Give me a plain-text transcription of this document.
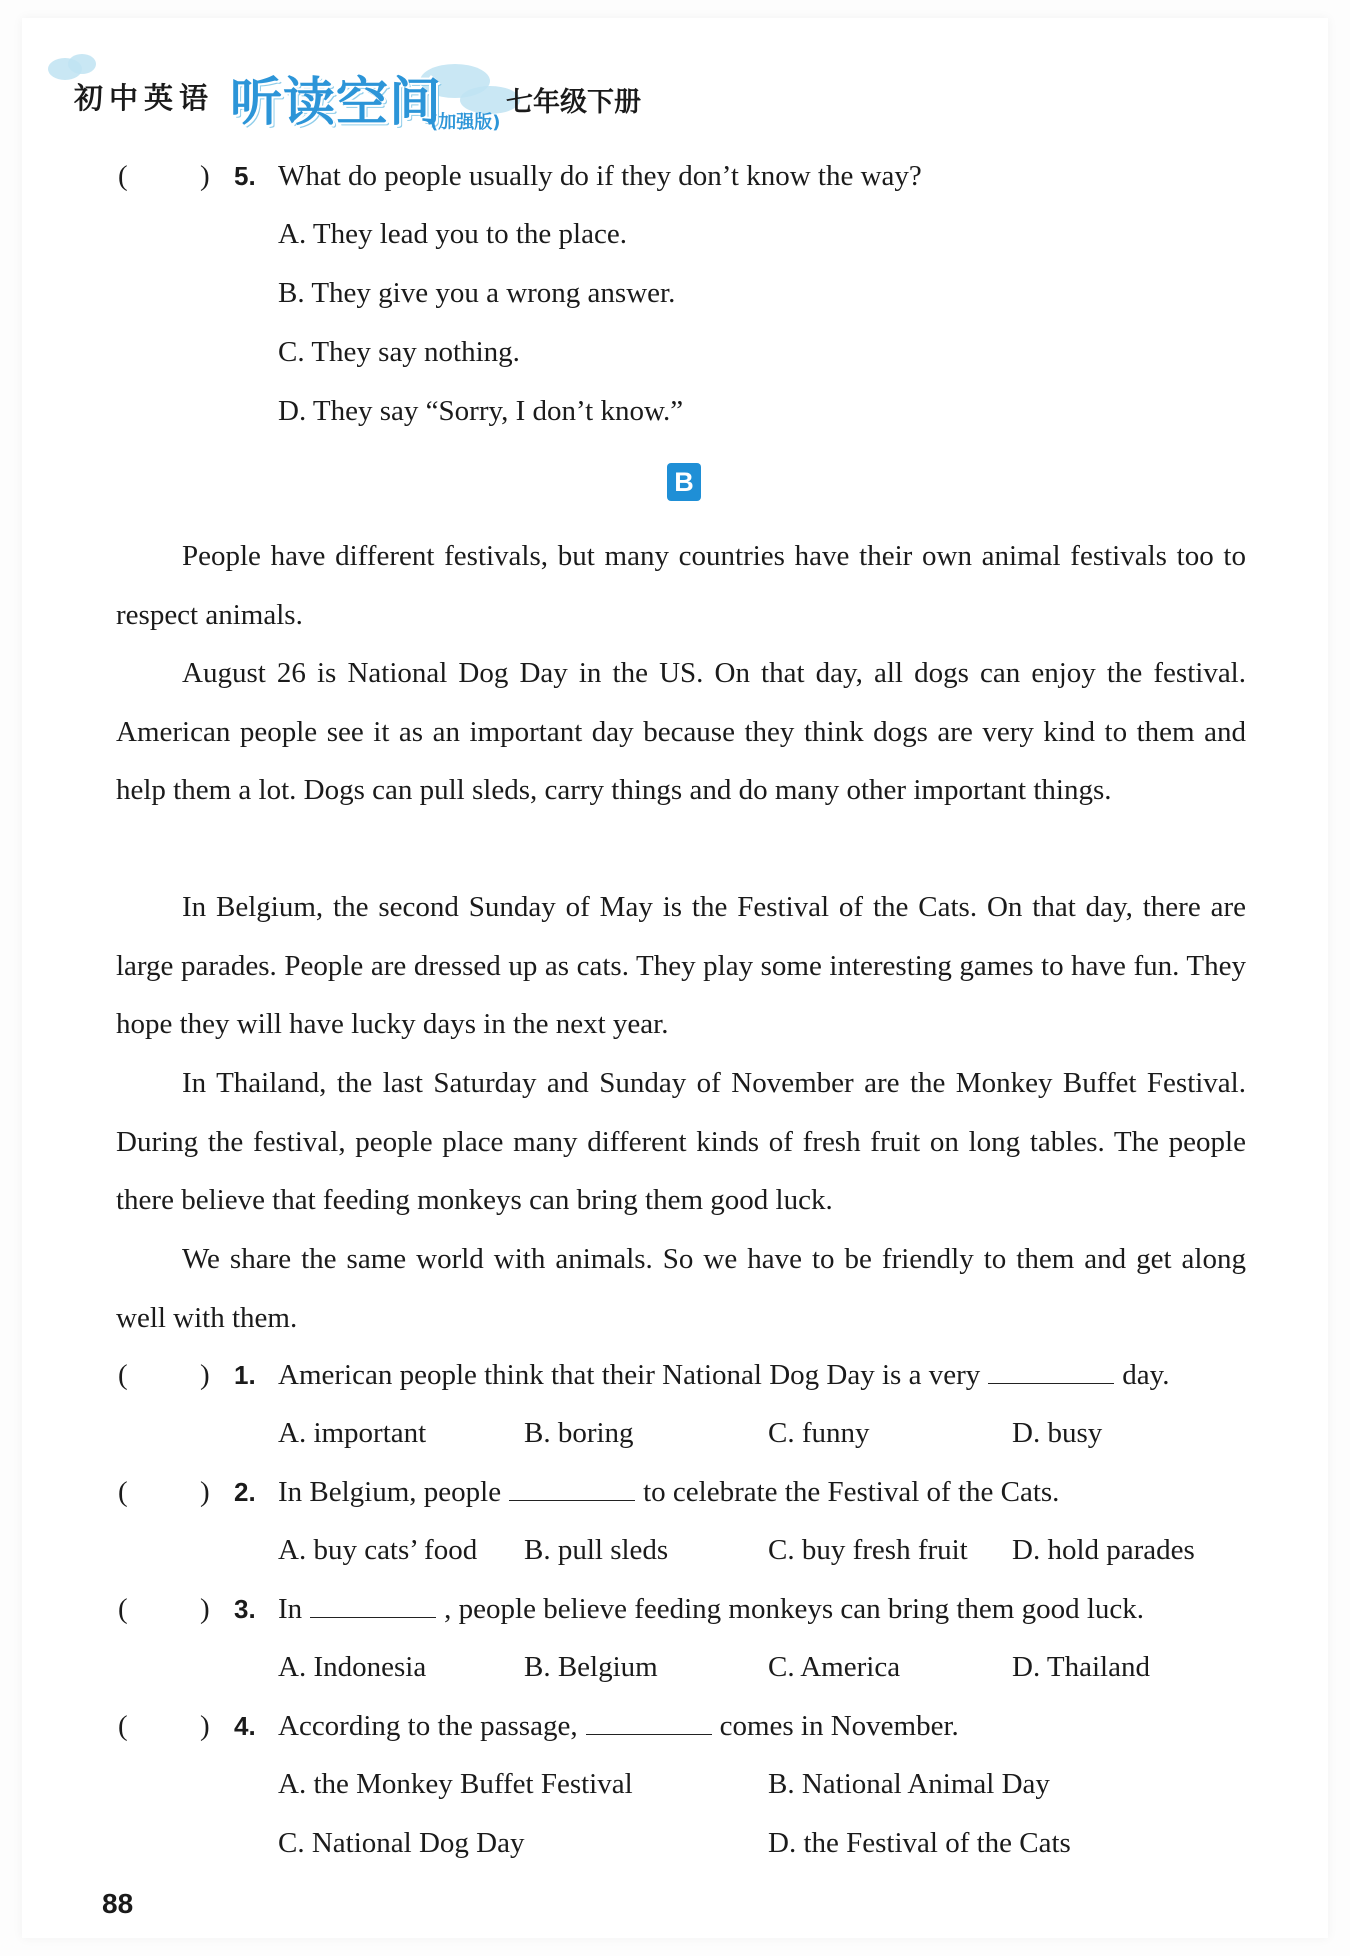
初中英语 听读空间
(加强版)
七年级下册
( ) 5. What do people usually do if they don’t know the way?
A. They lead you to the place.
B. They give you a wrong answer.
C. They say nothing.
D. They say “Sorry, I don’t know.”
B
People have different festivals, but many countries have their own animal festivals too to respect animals.
August 26 is National Dog Day in the US. On that day, all dogs can enjoy the festival. American people see it as an important day because they think dogs are very kind to them and help them a lot. Dogs can pull sleds, carry things and do many other important things.
In Belgium, the second Sunday of May is the Festival of the Cats. On that day, there are large parades. People are dressed up as cats. They play some interesting games to have fun. They hope they will have lucky days in the next year.
In Thailand, the last Saturday and Sunday of November are the Monkey Buffet Festival. During the festival, people place many different kinds of fresh fruit on long tables. The people there believe that feeding monkeys can bring them good luck.
We share the same world with animals. So we have to be friendly to them and get along well with them.
( ) 1. American people think that their National Dog Day is a very	day.
A. important	B. boring	C. funny	D. busy
( ) 2. In Belgium, people	to celebrate the Festival of the Cats.
A. buy cats’ food B. pull sleds	C. buy fresh fruit D. hold parades
( ) 3. In	, people believe feeding monkeys can bring them good luck.
A. Indonesia	B. Belgium	C. America	D. Thailand
( ) 4. According to the passage,	comes in November.
A. the Monkey Buffet Festival	B. National Animal Day
C. National Dog Day	D. the Festival of the Cats
88
